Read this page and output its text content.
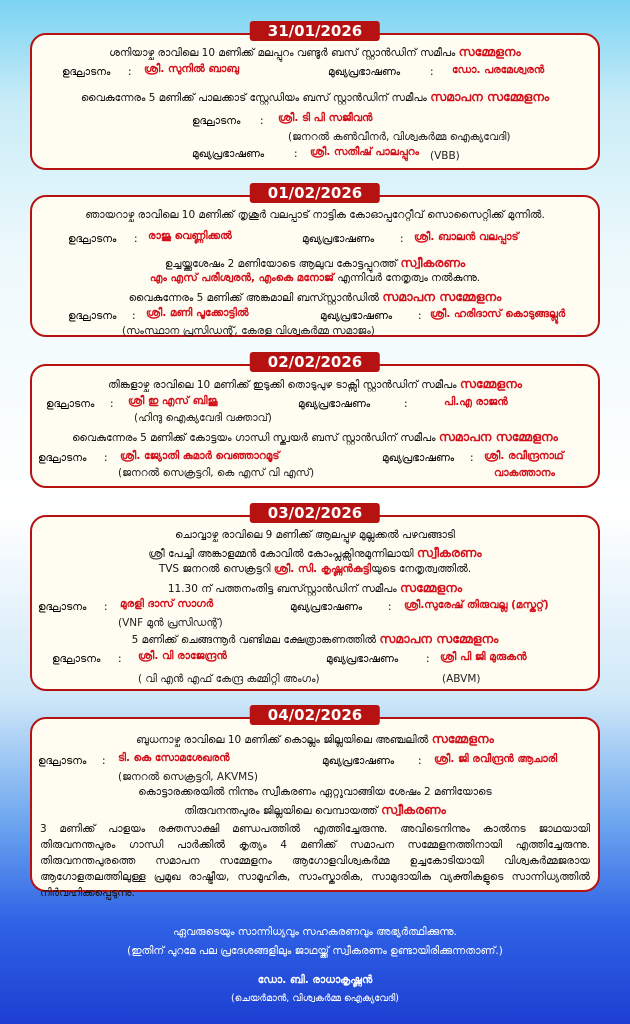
31/01/2026
ശനിയാഴ്ച രാവിലെ 10 മണിക്ക് മലപ്പുറം വണ്ടൂർ ബസ് സ്റ്റാൻഡിന് സമീപം സമ്മേളനം
ഉദ്ഘാടനം : ശ്രീ. സുനിൽ ബാബു	മുഖ്യപ്രഭാഷണം	: ഡോ. പരമേശ്വരൻ
വൈകുന്നേരം 5 മണിക്ക് പാലക്കാട് സ്റ്റേഡിയം ബസ് സ്റ്റാൻഡിന് സമീപം സമാപന സമ്മേളനം
ഉദ്ഘാടനം : ശ്രീ. ടി പി സജീവൻ
(ജനറൽ കൺവീനർ, വിശ്വകർമ്മ ഐക്യവേദി)
മുഖ്യപ്രഭാഷണം	: ശ്രീ. സതീഷ് പാലപ്പുറം (VBB)
01/02/2026
ഞായറാഴ്ച രാവിലെ 10 മണിക്ക് തൃശൂർ വലപ്പാട് നാട്ടിക കോഓപ്പറേറ്റീവ് സൊസൈറ്റിക്ക് മുന്നിൽ.
ഉദ്ഘാടനം : രാജു വെണ്ണിക്കൽ	മുഖ്യപ്രഭാഷണം : ശ്രീ. ബാലൻ വലപ്പാട്
ഉച്ചയ്ക്കുശേഷം 2 മണിയോടെ ആലുവ കോട്ടപ്പുറത്ത് സ്വീകരണം
എം എസ് പരീശ്വരൻ, എംകെ മനോജ് എന്നിവർ നേതൃത്വം നൽകുന്നു.
വൈകുന്നേരം 5 മണിക്ക് അങ്കമാലി ബസ്സ്റ്റാൻഡിൽ സമാപന സമ്മേളനം
ഉദ്ഘാടനം : ശ്രീ. മണി പൂക്കോട്ടിൽ
(സംസ്ഥാന പ്രസിഡന്റ്, കേരള വിശ്വകർമ്മ സമാജം)
മുഖ്യപ്രഭാഷണം : ശ്രീ. ഹരിദാസ് കൊടുങ്ങല്ലൂർ
02/02/2026
തിങ്കളാഴ്ച രാവിലെ 10 മണിക്ക് ഇടുക്കി തൊടുപുഴ ടാക്സി സ്റ്റാൻഡിന് സമീപം സമ്മേളനം
ഉദ്ഘാടനം : ശ്രീ ഇ എസ് ബിജു
(ഹിന്ദു ഐക്യവേദി വക്താവ്)
മുഖ്യപ്രഭാഷണം	:	പി.എ രാജൻ
വൈകുന്നേരം 5 മണിക്ക് കോട്ടയം ഗാന്ധി സ്ക്വയർ ബസ് സ്റ്റാൻഡിന് സമീപം സമാപന സമ്മേളനം
ഉദ്ഘാടനം : ശ്രീ. ജ്യോതി കുമാർ വെഞ്ഞാറമൂട്
(ജനറൽ സെക്രട്ടറി, കെ എസ് വി എസ്)
മുഖ്യപ്രഭാഷണം : ശ്രീ. രവീന്ദ്രനാഥ്
വാകത്താനം
03/02/2026
ചൊവ്വാഴ്ച രാവിലെ 9 മണിക്ക് ആലപ്പുഴ മുല്ലക്കൽ പഴവങ്ങാടി
ശ്രീ പേച്ചി അങ്കാളമ്മൻ കോവിൽ കോംപ്ലക്സിനുമുന്നിലായി സ്വീകരണം
TVS ജനറൽ സെക്രട്ടറി ശ്രീ. സി. കൃഷ്ണൻകുട്ടിയുടെ നേതൃത്വത്തിൽ.
11.30 ന് പത്തനംതിട്ട ബസ്സ്റ്റാൻഡിന് സമീപം സമ്മേളനം
ഉദ്ഘാടനം : മുരളി ദാസ് സാഗർ
(VNF മുൻ പ്രസിഡന്റ്)
മുഖ്യപ്രഭാഷണം : ശ്രീ.സുരേഷ് തിരുവല്ല (മസ്കറ്റ്)
5 മണിക്ക് ചെങ്ങന്നൂർ വണ്ടിമല ക്ഷേത്രാങ്കണത്തിൽ സമാപന സമ്മേളനം
ഉദ്ഘാടനം : ശ്രീ. വി രാജേന്ദ്രൻ
( വി എൻ എഫ് കേന്ദ്ര കമ്മിറ്റി അംഗം)
മുഖ്യപ്രഭാഷണം	: ശ്രീ പി ജി മുരുകൻ
(ABVM)
04/02/2026
ബുധനാഴ്ച രാവിലെ 10 മണിക്ക് കൊല്ലം ജില്ലയിലെ അഞ്ചലിൽ സമ്മേളനം
ഉദ്ഘാടനം : ടി. കെ സോമശേഖരൻ
(ജനറൽ സെക്രട്ടറി, AKVMS)
മുഖ്യപ്രഭാഷണം : ശ്രീ. ജി രവീന്ദ്രൻ ആചാരി
കൊട്ടാരക്കരയിൽ നിന്നും സ്വീകരണം ഏറ്റുവാങ്ങിയ ശേഷം 2 മണിയോടെ
തിരുവനന്തപുരം ജില്ലയിലെ വെമ്പായത്ത് സ്വീകരണം
3 മണിക്ക് പാളയം രക്തസാക്ഷി മണ്ഡപത്തിൽ എത്തിച്ചേരുന്നു. അവിടെനിന്നും കാൽനട ജാഥയായി തിരുവനന്തപുരം ഗാന്ധി പാർക്കിൽ കൃത്യം 4 മണിക്ക് സമാപന സമ്മേളനത്തിനായി എത്തിച്ചേരുന്നു. തിരുവനന്തപുരത്തെ സമാപന സമ്മേളനം ആഗോളവിശ്വകർമ്മ ഉച്ചകോടിയായി വിശ്വകർമ്മജരായ ആഗോളതലത്തിലുള്ള പ്രമുഖ രാഷ്ട്രീയ, സാമൂഹിക, സാംസ്കാരിക, സാമുദായിക വ്യക്തികളുടെ സാന്നിധ്യത്തിൽ നിർവഹിക്കപ്പെടുന്നു.
ഏവരുടെയും സാന്നിധ്യവും സഹകരണവും അഭ്യർത്ഥിക്കുന്നു.
(ഇതിന് പുറമേ പല പ്രദേശങ്ങളിലും ജാഥയ്ക്ക് സ്വീകരണം ഉണ്ടായിരിക്കുന്നതാണ്.)
ഡോ. ബി. രാധാകൃഷ്ണൻ
(ചെയർമാൻ, വിശ്വകർമ്മ ഐക്യവേദി)
